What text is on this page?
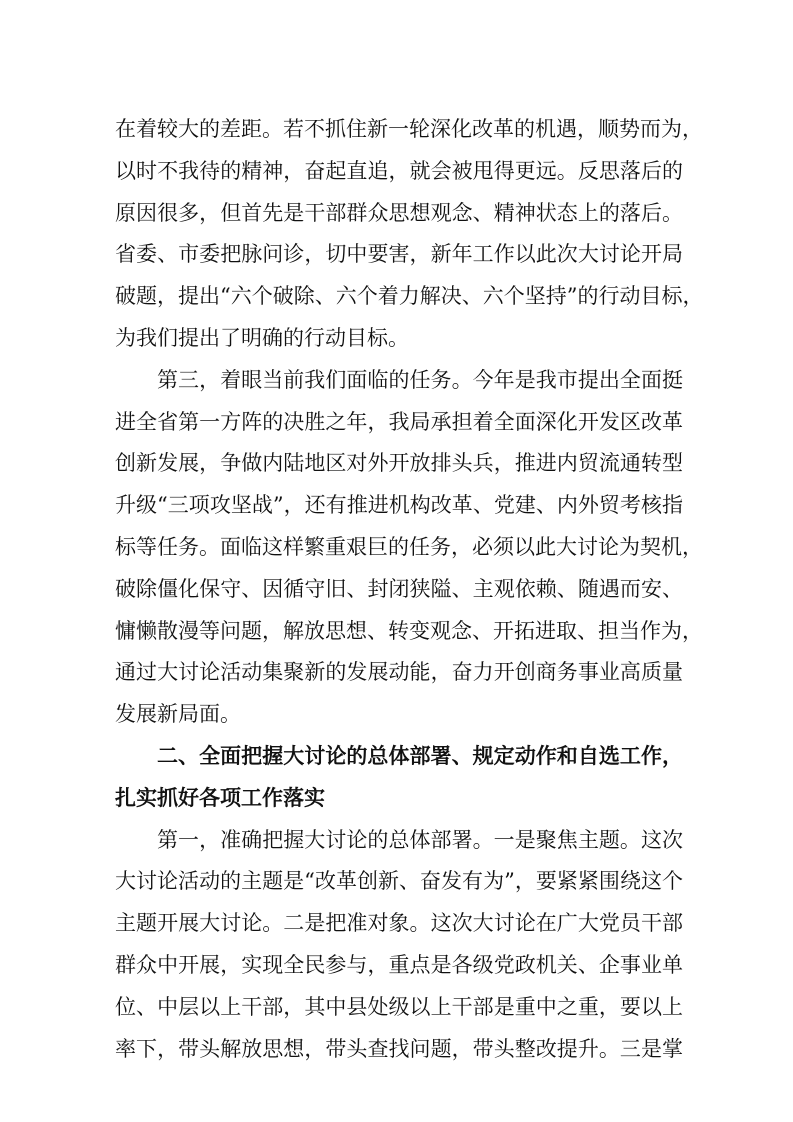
在着较大的差距。若不抓住新一轮深化改革的机遇，顺势而为，
以时不我待的精神，奋起直追，就会被甩得更远。反思落后的
原因很多，但首先是干部群众思想观念、精神状态上的落后。
省委、市委把脉问诊，切中要害，新年工作以此次大讨论开局
破题，提出“六个破除、六个着力解决、六个坚持”的行动目标，
为我们提出了明确的行动目标。
第三，着眼当前我们面临的任务。今年是我市提出全面挺
进全省第一方阵的决胜之年，我局承担着全面深化开发区改革
创新发展，争做内陆地区对外开放排头兵，推进内贸流通转型
升级“三项攻坚战”，还有推进机构改革、党建、内外贸考核指
标等任务。面临这样繁重艰巨的任务，必须以此大讨论为契机，
破除僵化保守、因循守旧、封闭狭隘、主观依赖、随遇而安、
慵懒散漫等问题，解放思想、转变观念、开拓进取、担当作为，
通过大讨论活动集聚新的发展动能，奋力开创商务事业高质量
发展新局面。
二、全面把握大讨论的总体部署、规定动作和自选工作，
扎实抓好各项工作落实
第一，准确把握大讨论的总体部署。一是聚焦主题。这次
大讨论活动的主题是“改革创新、奋发有为”，要紧紧围绕这个
主题开展大讨论。二是把准对象。这次大讨论在广大党员干部
群众中开展，实现全民参与，重点是各级党政机关、企事业单
位、中层以上干部，其中县处级以上干部是重中之重，要以上
率下，带头解放思想，带头查找问题，带头整改提升。三是掌
